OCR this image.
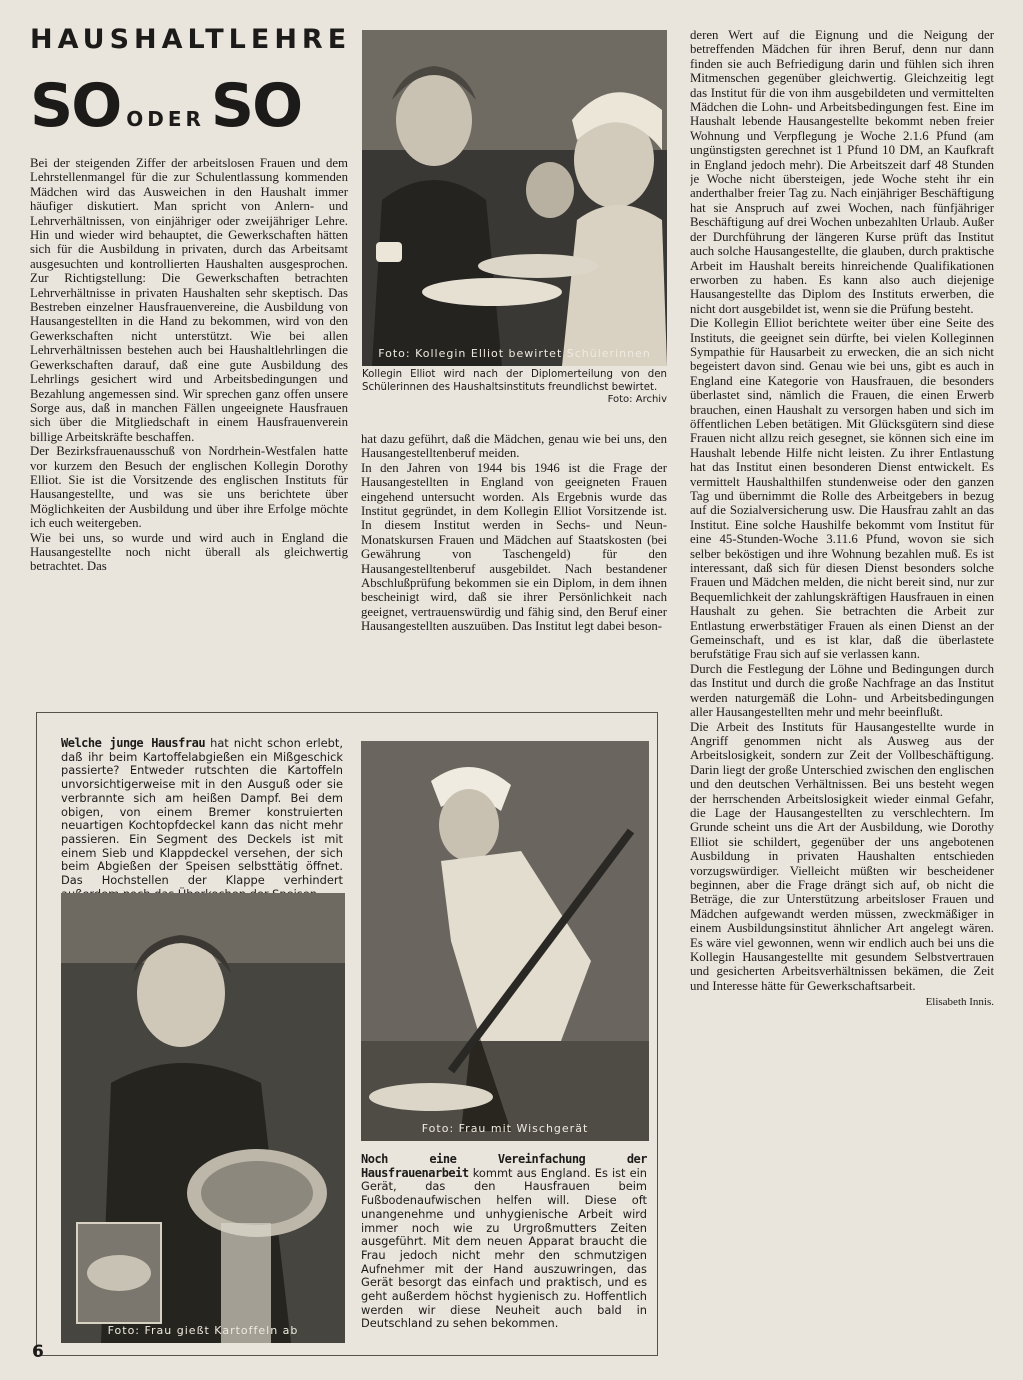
HAUSHALTLEHRE
SO ODER SO

Bei der steigenden Ziffer der arbeitslosen Frauen und dem Lehrstellenmangel für die zur Schulentlassung kommenden Mädchen wird das Ausweichen in den Haushalt immer häufiger diskutiert. Man spricht von Anlern- und Lehrverhältnissen, von einjähriger oder zweijähriger Lehre. Hin und wieder wird behauptet, die Gewerkschaften hätten sich für die Ausbildung in privaten, durch das Arbeitsamt ausgesuchten und kontrollierten Haushalten ausgesprochen. Zur Richtigstellung: Die Gewerkschaften betrachten Lehrverhältnisse in privaten Haushalten sehr skeptisch. Das Bestreben einzelner Hausfrauenvereine, die Ausbildung von Hausangestellten in die Hand zu bekommen, wird von den Gewerkschaften nicht unterstützt. Wie bei allen Lehrverhältnissen bestehen auch bei Haushaltlehrlingen die Gewerkschaften darauf, daß eine gute Ausbildung des Lehrlings gesichert wird und Arbeitsbedingungen und Bezahlung angemessen sind. Wir sprechen ganz offen unsere Sorge aus, daß in manchen Fällen ungeeignete Hausfrauen sich über die Mitgliedschaft in einem Hausfrauenverein billige Arbeitskräfte beschaffen.

Der Bezirksfrauenausschuß von Nordrhein-Westfalen hatte vor kurzem den Besuch der englischen Kollegin Dorothy Elliot. Sie ist die Vorsitzende des englischen Instituts für Hausangestellte, und was sie uns berichtete über Möglichkeiten der Ausbildung und über ihre Erfolge möchte ich euch weitergeben.

Wie bei uns, so wurde und wird auch in England die Hausangestellte noch nicht überall als gleichwertig betrachtet. Das

Foto: Kollegin Elliot bewirtet Schülerinnen
Kollegin Elliot wird nach der Diplomerteilung von den Schülerinnen des Haushaltsinstituts freundlichst bewirtet.
Foto: Archiv

hat dazu geführt, daß die Mädchen, genau wie bei uns, den Hausangestelltenberuf meiden.

In den Jahren von 1944 bis 1946 ist die Frage der Hausangestellten in England von geeigneten Frauen eingehend untersucht worden. Als Ergebnis wurde das Institut gegründet, in dem Kollegin Elliot Vorsitzende ist. In diesem Institut werden in Sechs- und Neun-Monatskursen Frauen und Mädchen auf Staatskosten (bei Gewährung von Taschengeld) für den Hausangestelltenberuf ausgebildet. Nach bestandener Abschlußprüfung bekommen sie ein Diplom, in dem ihnen bescheinigt wird, daß sie ihrer Persönlichkeit nach geeignet, vertrauenswürdig und fähig sind, den Beruf einer Hausangestellten auszuüben. Das Institut legt dabei beson-

deren Wert auf die Eignung und die Neigung der betreffenden Mädchen für ihren Beruf, denn nur dann finden sie auch Befriedigung darin und fühlen sich ihren Mitmenschen gegenüber gleichwertig. Gleichzeitig legt das Institut für die von ihm ausgebildeten und vermittelten Mädchen die Lohn- und Arbeitsbedingungen fest. Eine im Haushalt lebende Hausangestellte bekommt neben freier Wohnung und Verpflegung je Woche 2.1.6 Pfund (am ungünstigsten gerechnet ist 1 Pfund 10 DM, an Kaufkraft in England jedoch mehr). Die Arbeitszeit darf 48 Stunden je Woche nicht übersteigen, jede Woche steht ihr ein anderthalber freier Tag zu. Nach einjähriger Beschäftigung hat sie Anspruch auf zwei Wochen, nach fünfjähriger Beschäftigung auf drei Wochen unbezahlten Urlaub. Außer der Durchführung der längeren Kurse prüft das Institut auch solche Hausangestellte, die glauben, durch praktische Arbeit im Haushalt bereits hinreichende Qualifikationen erworben zu haben. Es kann also auch diejenige Hausangestellte das Diplom des Instituts erwerben, die nicht dort ausgebildet ist, wenn sie die Prüfung besteht.

Die Kollegin Elliot berichtete weiter über eine Seite des Instituts, die geeignet sein dürfte, bei vielen Kolleginnen Sympathie für Hausarbeit zu erwecken, die an sich nicht begeistert davon sind. Genau wie bei uns, gibt es auch in England eine Kategorie von Hausfrauen, die besonders überlastet sind, nämlich die Frauen, die einen Erwerb brauchen, einen Haushalt zu versorgen haben und sich im öffentlichen Leben betätigen. Mit Glücksgütern sind diese Frauen nicht allzu reich gesegnet, sie können sich eine im Haushalt lebende Hilfe nicht leisten. Zu ihrer Entlastung hat das Institut einen besonderen Dienst entwickelt. Es vermittelt Haushalthilfen stundenweise oder den ganzen Tag und übernimmt die Rolle des Arbeitgebers in bezug auf die Sozialversicherung usw. Die Hausfrau zahlt an das Institut. Eine solche Haushilfe bekommt vom Institut für eine 45-Stunden-Woche 3.11.6 Pfund, wovon sie sich selber beköstigen und ihre Wohnung bezahlen muß. Es ist interessant, daß sich für diesen Dienst besonders solche Frauen und Mädchen melden, die nicht bereit sind, nur zur Bequemlichkeit der zahlungskräftigen Hausfrauen in einen Haushalt zu gehen. Sie betrachten die Arbeit zur Entlastung erwerbstätiger Frauen als einen Dienst an der Gemeinschaft, und es ist klar, daß die überlastete berufstätige Frau sich auf sie verlassen kann.

Durch die Festlegung der Löhne und Bedingungen durch das Institut und durch die große Nachfrage an das Institut werden naturgemäß die Lohn- und Arbeitsbedingungen aller Hausangestellten mehr und mehr beeinflußt.

Die Arbeit des Instituts für Hausangestellte wurde in Angriff genommen nicht als Ausweg aus der Arbeitslosigkeit, sondern zur Zeit der Vollbeschäftigung. Darin liegt der große Unterschied zwischen den englischen und den deutschen Verhältnissen. Bei uns besteht wegen der herrschenden Arbeitslosigkeit wieder einmal Gefahr, die Lage der Hausangestellten zu verschlechtern. Im Grunde scheint uns die Art der Ausbildung, wie Dorothy Elliot sie schildert, gegenüber der uns angebotenen Ausbildung in privaten Haushalten entschieden vorzugswürdiger. Vielleicht müßten wir bescheidener beginnen, aber die Frage drängt sich auf, ob nicht die Beträge, die zur Unterstützung arbeitsloser Frauen und Mädchen aufgewandt werden müssen, zweckmäßiger in einem Ausbildungsinstitut ähnlicher Art angelegt wären. Es wäre viel gewonnen, wenn wir endlich auch bei uns die Kollegin Hausangestellte mit gesundem Selbstvertrauen und gesicherten Arbeitsverhältnissen bekämen, die Zeit und Interesse hätte für Gewerkschaftsarbeit.

Elisabeth Innis.

Welche junge Hausfrau hat nicht schon erlebt, daß ihr beim Kartoffelabgießen ein Mißgeschick passierte? Entweder rutschten die Kartoffeln unvorsichtigerweise mit in den Ausguß oder sie verbrannte sich am heißen Dampf. Bei dem obigen, von einem Bremer konstruierten neuartigen Kochtopfdeckel kann das nicht mehr passieren. Ein Segment des Deckels ist mit einem Sieb und Klappdeckel versehen, der sich beim Abgießen der Speisen selbsttätig öffnet. Das Hochstellen der Klappe verhindert
Foto: Frau gießt Kartoffeln ab
Foto: Frau mit Wischgerät
Noch eine Vereinfachung der Hausfrauenarbeit kommt aus England. Es ist ein Gerät, das den Hausfrauen beim Fußbodenaufwischen helfen will. Diese oft unangenehme und unhygienische Arbeit wird immer noch wie zu Urgroßmutters Zeiten ausgeführt. Mit dem neuen Apparat braucht die Frau jedoch nicht mehr den schmutzigen Aufnehmer mit der Hand auszuwringen, das Gerät besorgt das einfach und praktisch, und es geht außerdem höchst hygienisch zu. Hoffentlich werden wir diese Neuheit auch bald in Deutschland zu sehen bekommen.
6
